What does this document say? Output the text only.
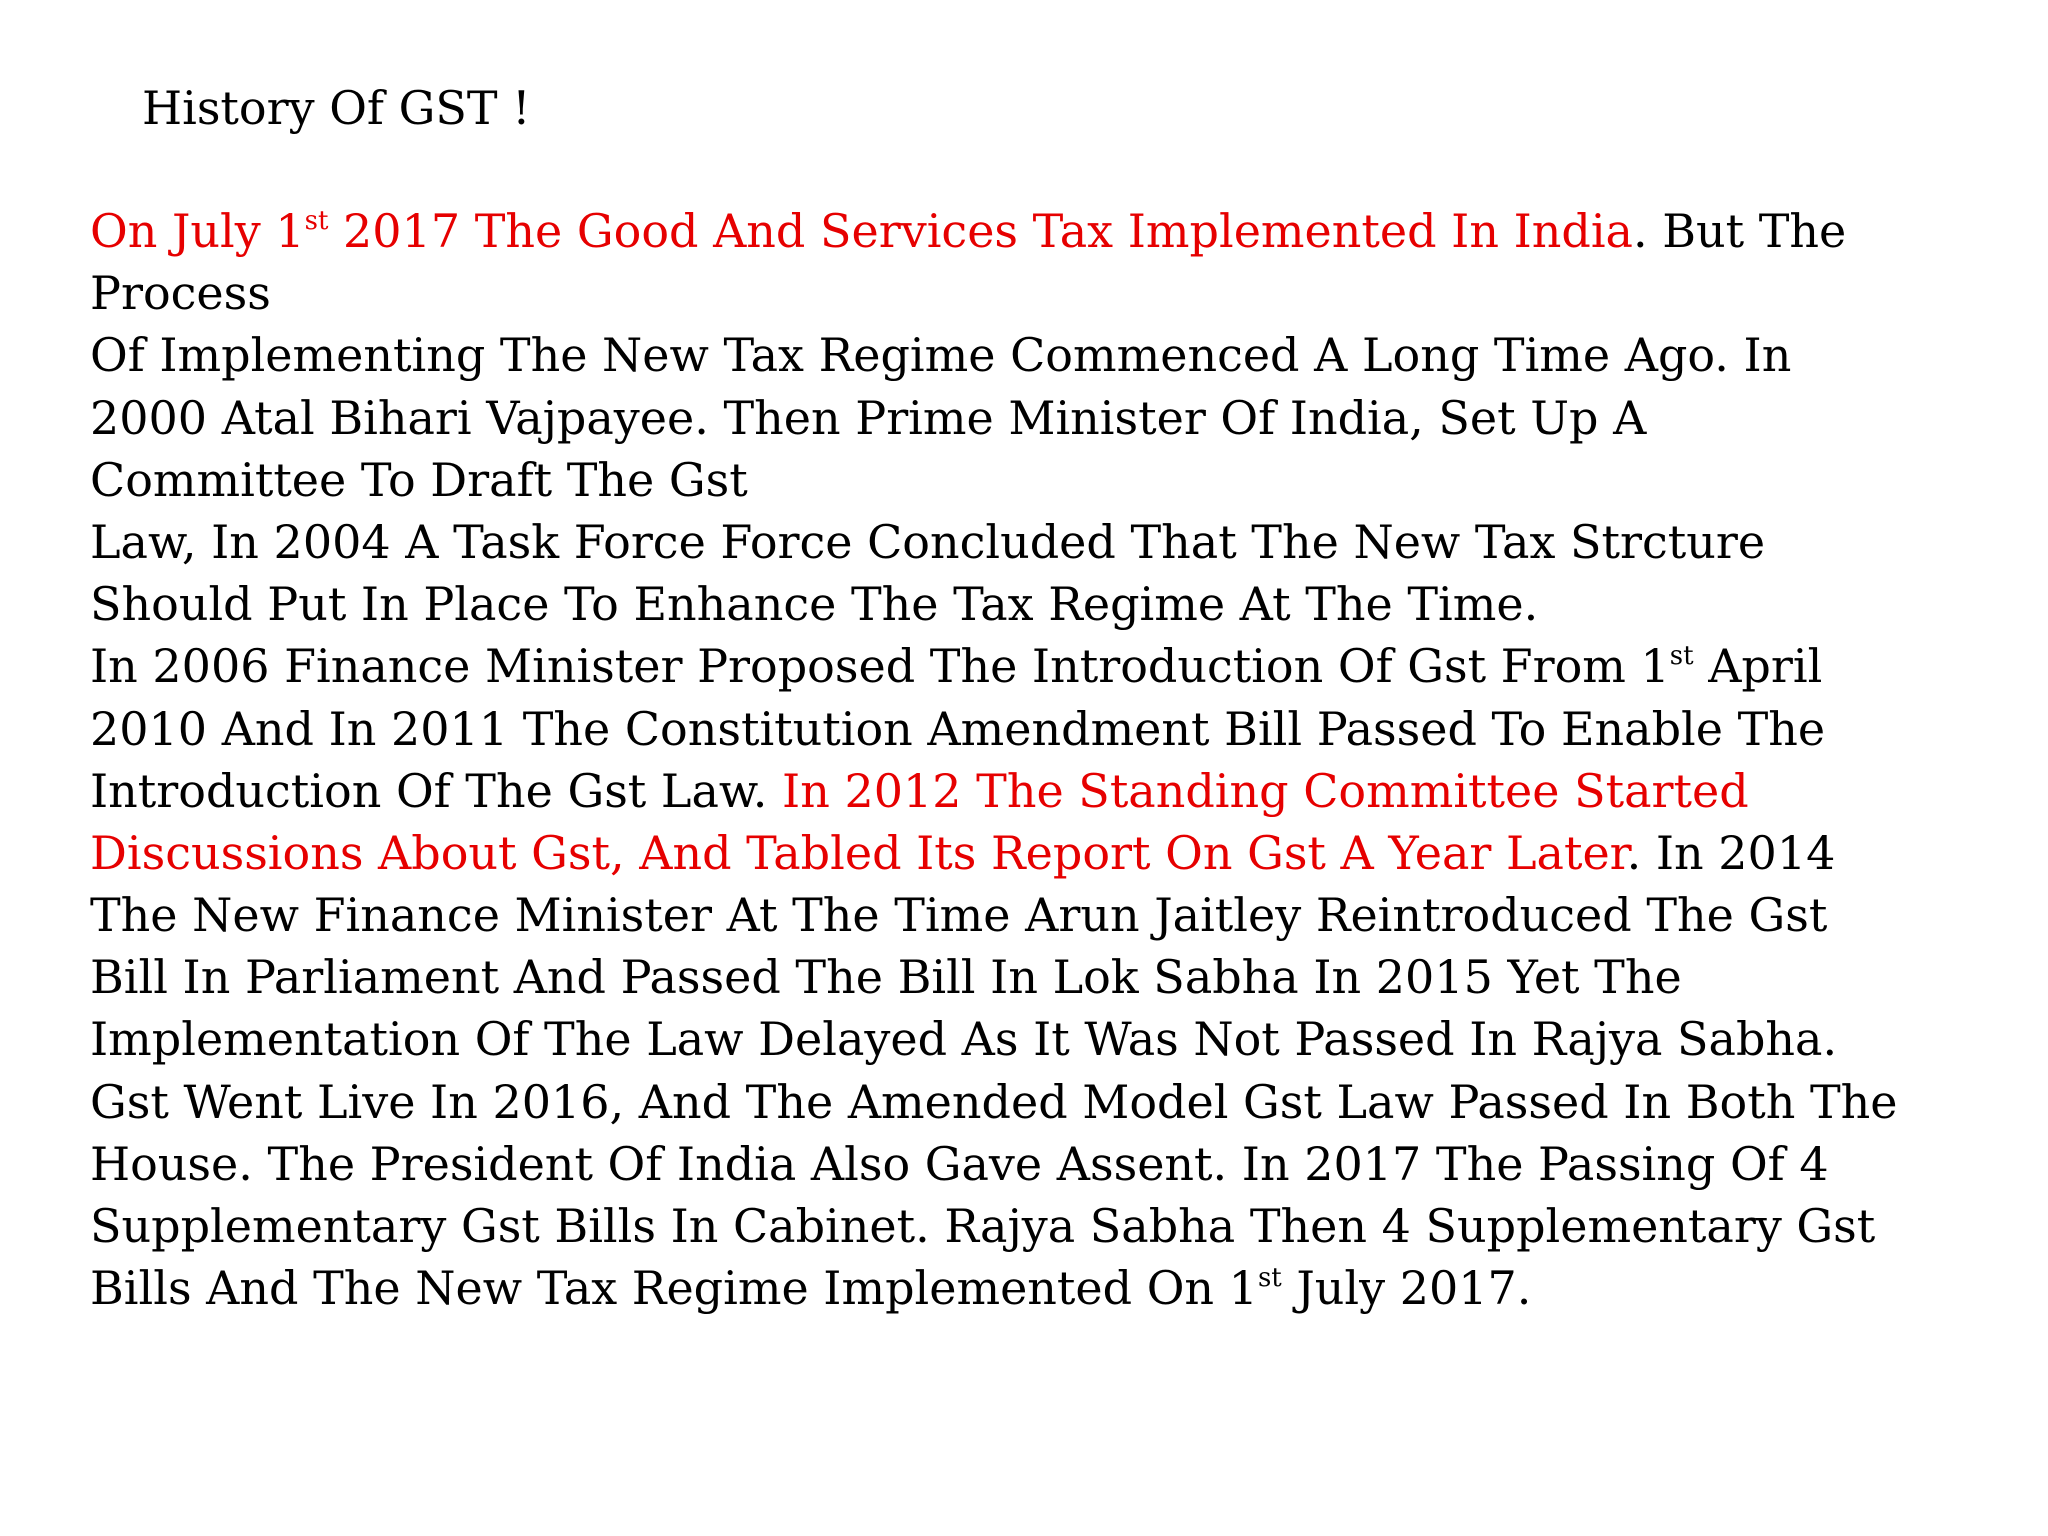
History Of GST !
On July 1st 2017 The Good And Services Tax Implemented In India. But The
Process
Of Implementing The New Tax Regime Commenced A Long Time Ago. In
2000 Atal Bihari Vajpayee. Then Prime Minister Of India, Set Up A
Committee To Draft The Gst
Law, In 2004 A Task Force Force Concluded That The New Tax Strcture
Should Put In Place To Enhance The Tax Regime At The Time.
In 2006 Finance Minister Proposed The Introduction Of Gst From 1st April
2010 And In 2011 The Constitution Amendment Bill Passed To Enable The
Introduction Of The Gst Law. In 2012 The Standing Committee Started
Discussions About Gst, And Tabled Its Report On Gst A Year Later. In 2014
The New Finance Minister At The Time Arun Jaitley Reintroduced The Gst
Bill In Parliament And Passed The Bill In Lok Sabha In 2015 Yet The
Implementation Of The Law Delayed As It Was Not Passed In Rajya Sabha.
Gst Went Live In 2016, And The Amended Model Gst Law Passed In Both The
House. The President Of India Also Gave Assent. In 2017 The Passing Of 4
Supplementary Gst Bills In Cabinet. Rajya Sabha Then 4 Supplementary Gst
Bills And The New Tax Regime Implemented On 1st July 2017.
